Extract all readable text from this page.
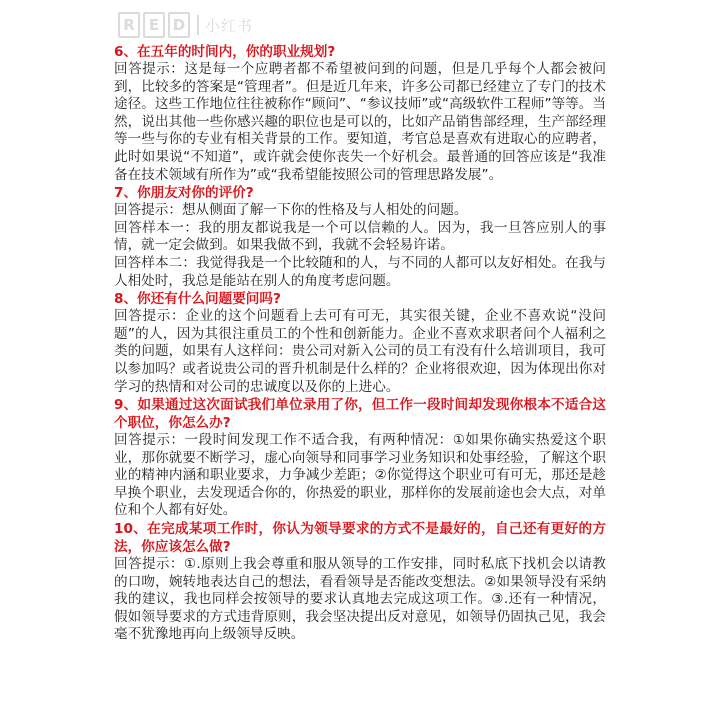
R E D	小红书

6、在五年的时间内，你的职业规划?

回答提示：这是每一个应聘者都不希望被问到的问题，但是几乎每个人都会被问到，比较多的答案是“管理者”。但是近几年来，许多公司都已经建立了专门的技术途径。这些工作地位往往被称作“顾问”、“参议技师”或“高级软件工程师”等等。当然，说出其他一些你感兴趣的职位也是可以的，比如产品销售部经理，生产部经理等一些与你的专业有相关背景的工作。要知道，考官总是喜欢有进取心的应聘者，此时如果说“不知道”，或许就会使你丧失一个好机会。最普通的回答应该是“我准备在技术领域有所作为”或“我希望能按照公司的管理思路发展”。

7、你朋友对你的评价?

回答提示：想从侧面了解一下你的性格及与人相处的问题。

回答样本一：我的朋友都说我是一个可以信赖的人。因为，我一旦答应别人的事情，就一定会做到。如果我做不到，我就不会轻易许诺。

回答样本二：我觉得我是一个比较随和的人，与不同的人都可以友好相处。在我与人相处时，我总是能站在别人的角度考虑问题。

8、你还有什么问题要问吗?

回答提示：企业的这个问题看上去可有可无，其实很关键，企业不喜欢说“没问题”的人，因为其很注重员工的个性和创新能力。企业不喜欢求职者问个人福利之类的问题，如果有人这样问：贵公司对新入公司的员工有没有什么培训项目，我可以参加吗？或者说贵公司的晋升机制是什么样的？企业将很欢迎，因为体现出你对学习的热情和对公司的忠诚度以及你的上进心。

9、如果通过这次面试我们单位录用了你，但工作一段时间却发现你根本不适合这个职位，你怎么办?

回答提示：一段时间发现工作不适合我，有两种情况：①如果你确实热爱这个职业，那你就要不断学习，虚心向领导和同事学习业务知识和处事经验，了解这个职业的精神内涵和职业要求，力争减少差距；②你觉得这个职业可有可无，那还是趁早换个职业，去发现适合你的，你热爱的职业，那样你的发展前途也会大点，对单位和个人都有好处。

10、在完成某项工作时，你认为领导要求的方式不是最好的，自己还有更好的方法，你应该怎么做?

回答提示：①.原则上我会尊重和服从领导的工作安排，同时私底下找机会以请教的口吻，婉转地表达自己的想法，看看领导是否能改变想法。②如果领导没有采纳我的建议，我也同样会按领导的要求认真地去完成这项工作。③.还有一种情况，假如领导要求的方式违背原则，我会坚决提出反对意见，如领导仍固执己见，我会毫不犹豫地再向上级领导反映。
